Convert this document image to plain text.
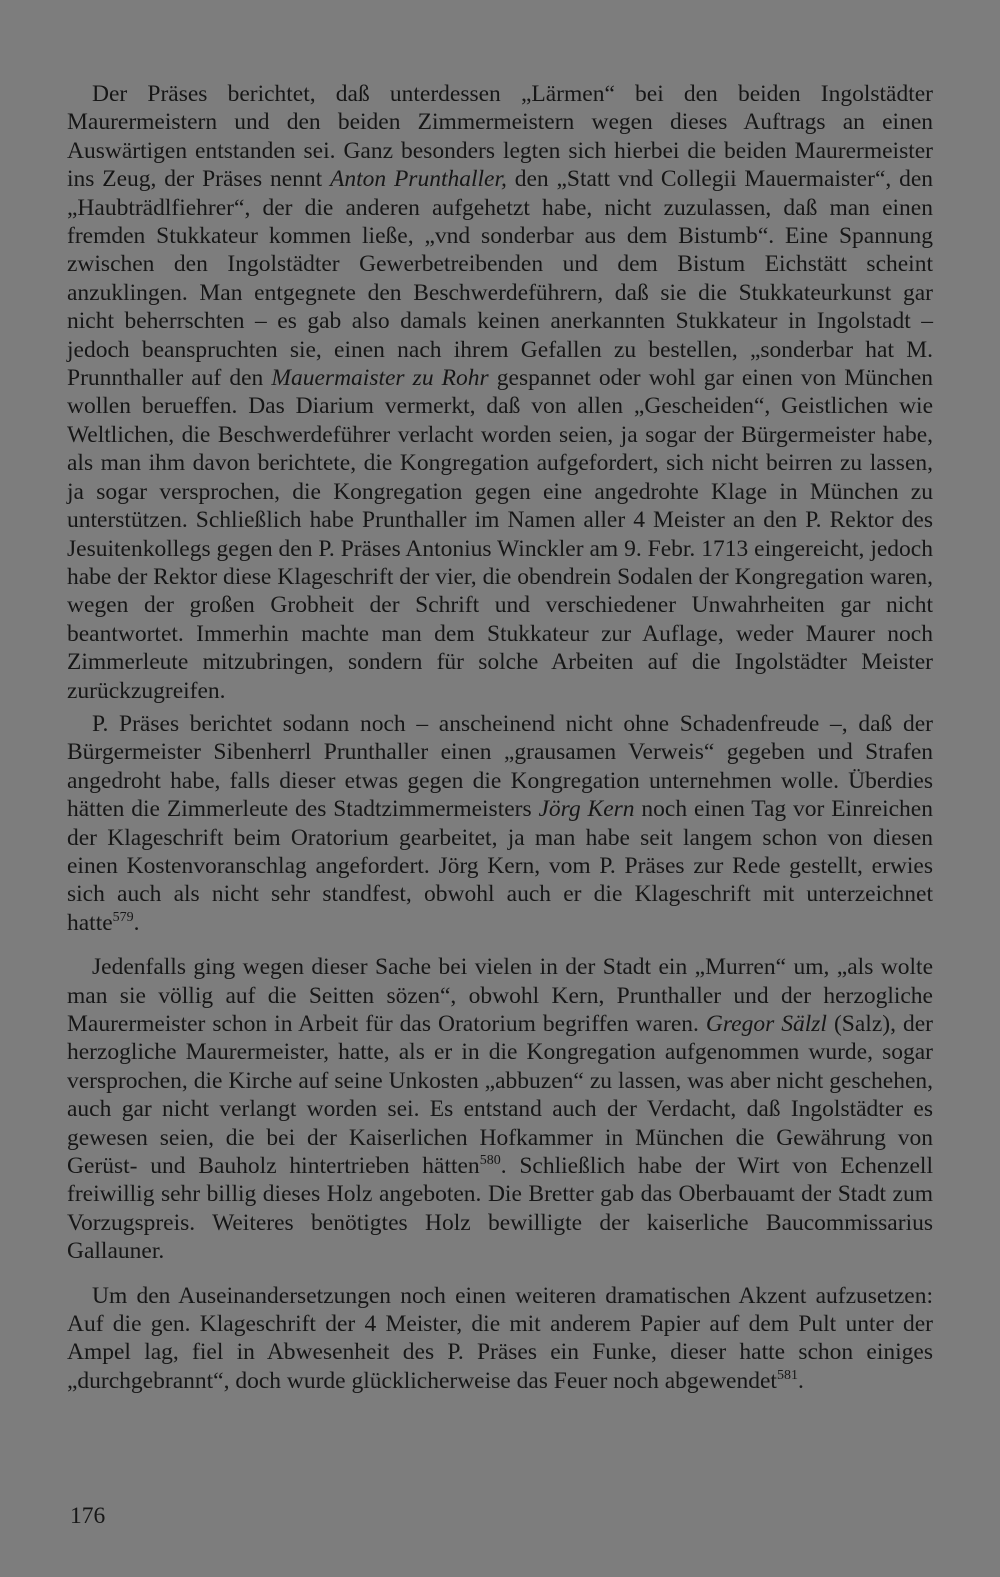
Der Präses berichtet, daß unterdessen „Lärmen“ bei den beiden Ingolstädter Maurermeistern und den beiden Zimmermeistern wegen dieses Auftrags an einen Auswärtigen entstanden sei. Ganz besonders legten sich hierbei die beiden Maurermeister ins Zeug, der Präses nennt Anton Prunthaller, den „Statt vnd Collegii Mauermaister“, den „Haubträdlfiehrer“, der die anderen aufgehetzt habe, nicht zuzulassen, daß man einen fremden Stukkateur kommen ließe, „vnd sonderbar aus dem Bistumb“. Eine Spannung zwischen den Ingolstädter Gewerbetreibenden und dem Bistum Eichstätt scheint anzuklingen. Man entgegnete den Beschwerdeführern, daß sie die Stukkateurkunst gar nicht beherrschten – es gab also damals keinen anerkannten Stukkateur in Ingolstadt – jedoch beanspruchten sie, einen nach ihrem Gefallen zu bestellen, „sonderbar hat M. Prunnthaller auf den Mauermaister zu Rohr gespannet oder wohl gar einen von München wollen berueffen. Das Diarium vermerkt, daß von allen „Gescheiden“, Geistlichen wie Weltlichen, die Beschwerdeführer verlacht worden seien, ja sogar der Bürgermeister habe, als man ihm davon berichtete, die Kongregation aufgefordert, sich nicht beirren zu lassen, ja sogar versprochen, die Kongregation gegen eine angedrohte Klage in München zu unterstützen. Schließlich habe Prunthaller im Namen aller 4 Meister an den P. Rektor des Jesuitenkollegs gegen den P. Präses Antonius Winckler am 9. Febr. 1713 eingereicht, jedoch habe der Rektor diese Klageschrift der vier, die obendrein Sodalen der Kongregation waren, wegen der großen Grobheit der Schrift und verschiedener Unwahrheiten gar nicht beantwortet. Immerhin machte man dem Stukkateur zur Auflage, weder Maurer noch Zimmerleute mitzubringen, sondern für solche Arbeiten auf die Ingolstädter Meister zurückzugreifen.

P. Präses berichtet sodann noch – anscheinend nicht ohne Schadenfreude –, daß der Bürgermeister Sibenherrl Prunthaller einen „grausamen Verweis“ gegeben und Strafen angedroht habe, falls dieser etwas gegen die Kongregation unternehmen wolle. Überdies hätten die Zimmerleute des Stadtzimmermeisters Jörg Kern noch einen Tag vor Einreichen der Klageschrift beim Oratorium gearbeitet, ja man habe seit langem schon von diesen einen Kostenvoranschlag angefordert. Jörg Kern, vom P. Präses zur Rede gestellt, erwies sich auch als nicht sehr standfest, obwohl auch er die Klageschrift mit unterzeichnet hatte$^{579}$.

Jedenfalls ging wegen dieser Sache bei vielen in der Stadt ein „Murren“ um, „als wolte man sie völlig auf die Seitten sözen“, obwohl Kern, Prunthaller und der herzogliche Maurermeister schon in Arbeit für das Oratorium begriffen waren. Gregor Sälzl (Salz), der herzogliche Maurermeister, hatte, als er in die Kongregation aufgenommen wurde, sogar versprochen, die Kirche auf seine Unkosten „abbuzen“ zu lassen, was aber nicht geschehen, auch gar nicht verlangt worden sei. Es entstand auch der Verdacht, daß Ingolstädter es gewesen seien, die bei der Kaiserlichen Hofkammer in München die Gewährung von Gerüst- und Bauholz hintertrieben hätten$^{580}$. Schließlich habe der Wirt von Echenzell freiwillig sehr billig dieses Holz angeboten. Die Bretter gab das Oberbauamt der Stadt zum Vorzugspreis. Weiteres benötigtes Holz bewilligte der kaiserliche Baucommissarius Gallauner.

Um den Auseinandersetzungen noch einen weiteren dramatischen Akzent aufzusetzen: Auf die gen. Klageschrift der 4 Meister, die mit anderem Papier auf dem Pult unter der Ampel lag, fiel in Abwesenheit des P. Präses ein Funke, dieser hatte schon einiges „durchgebrannt“, doch wurde glücklicherweise das Feuer noch abgewendet$^{581}$.

176
